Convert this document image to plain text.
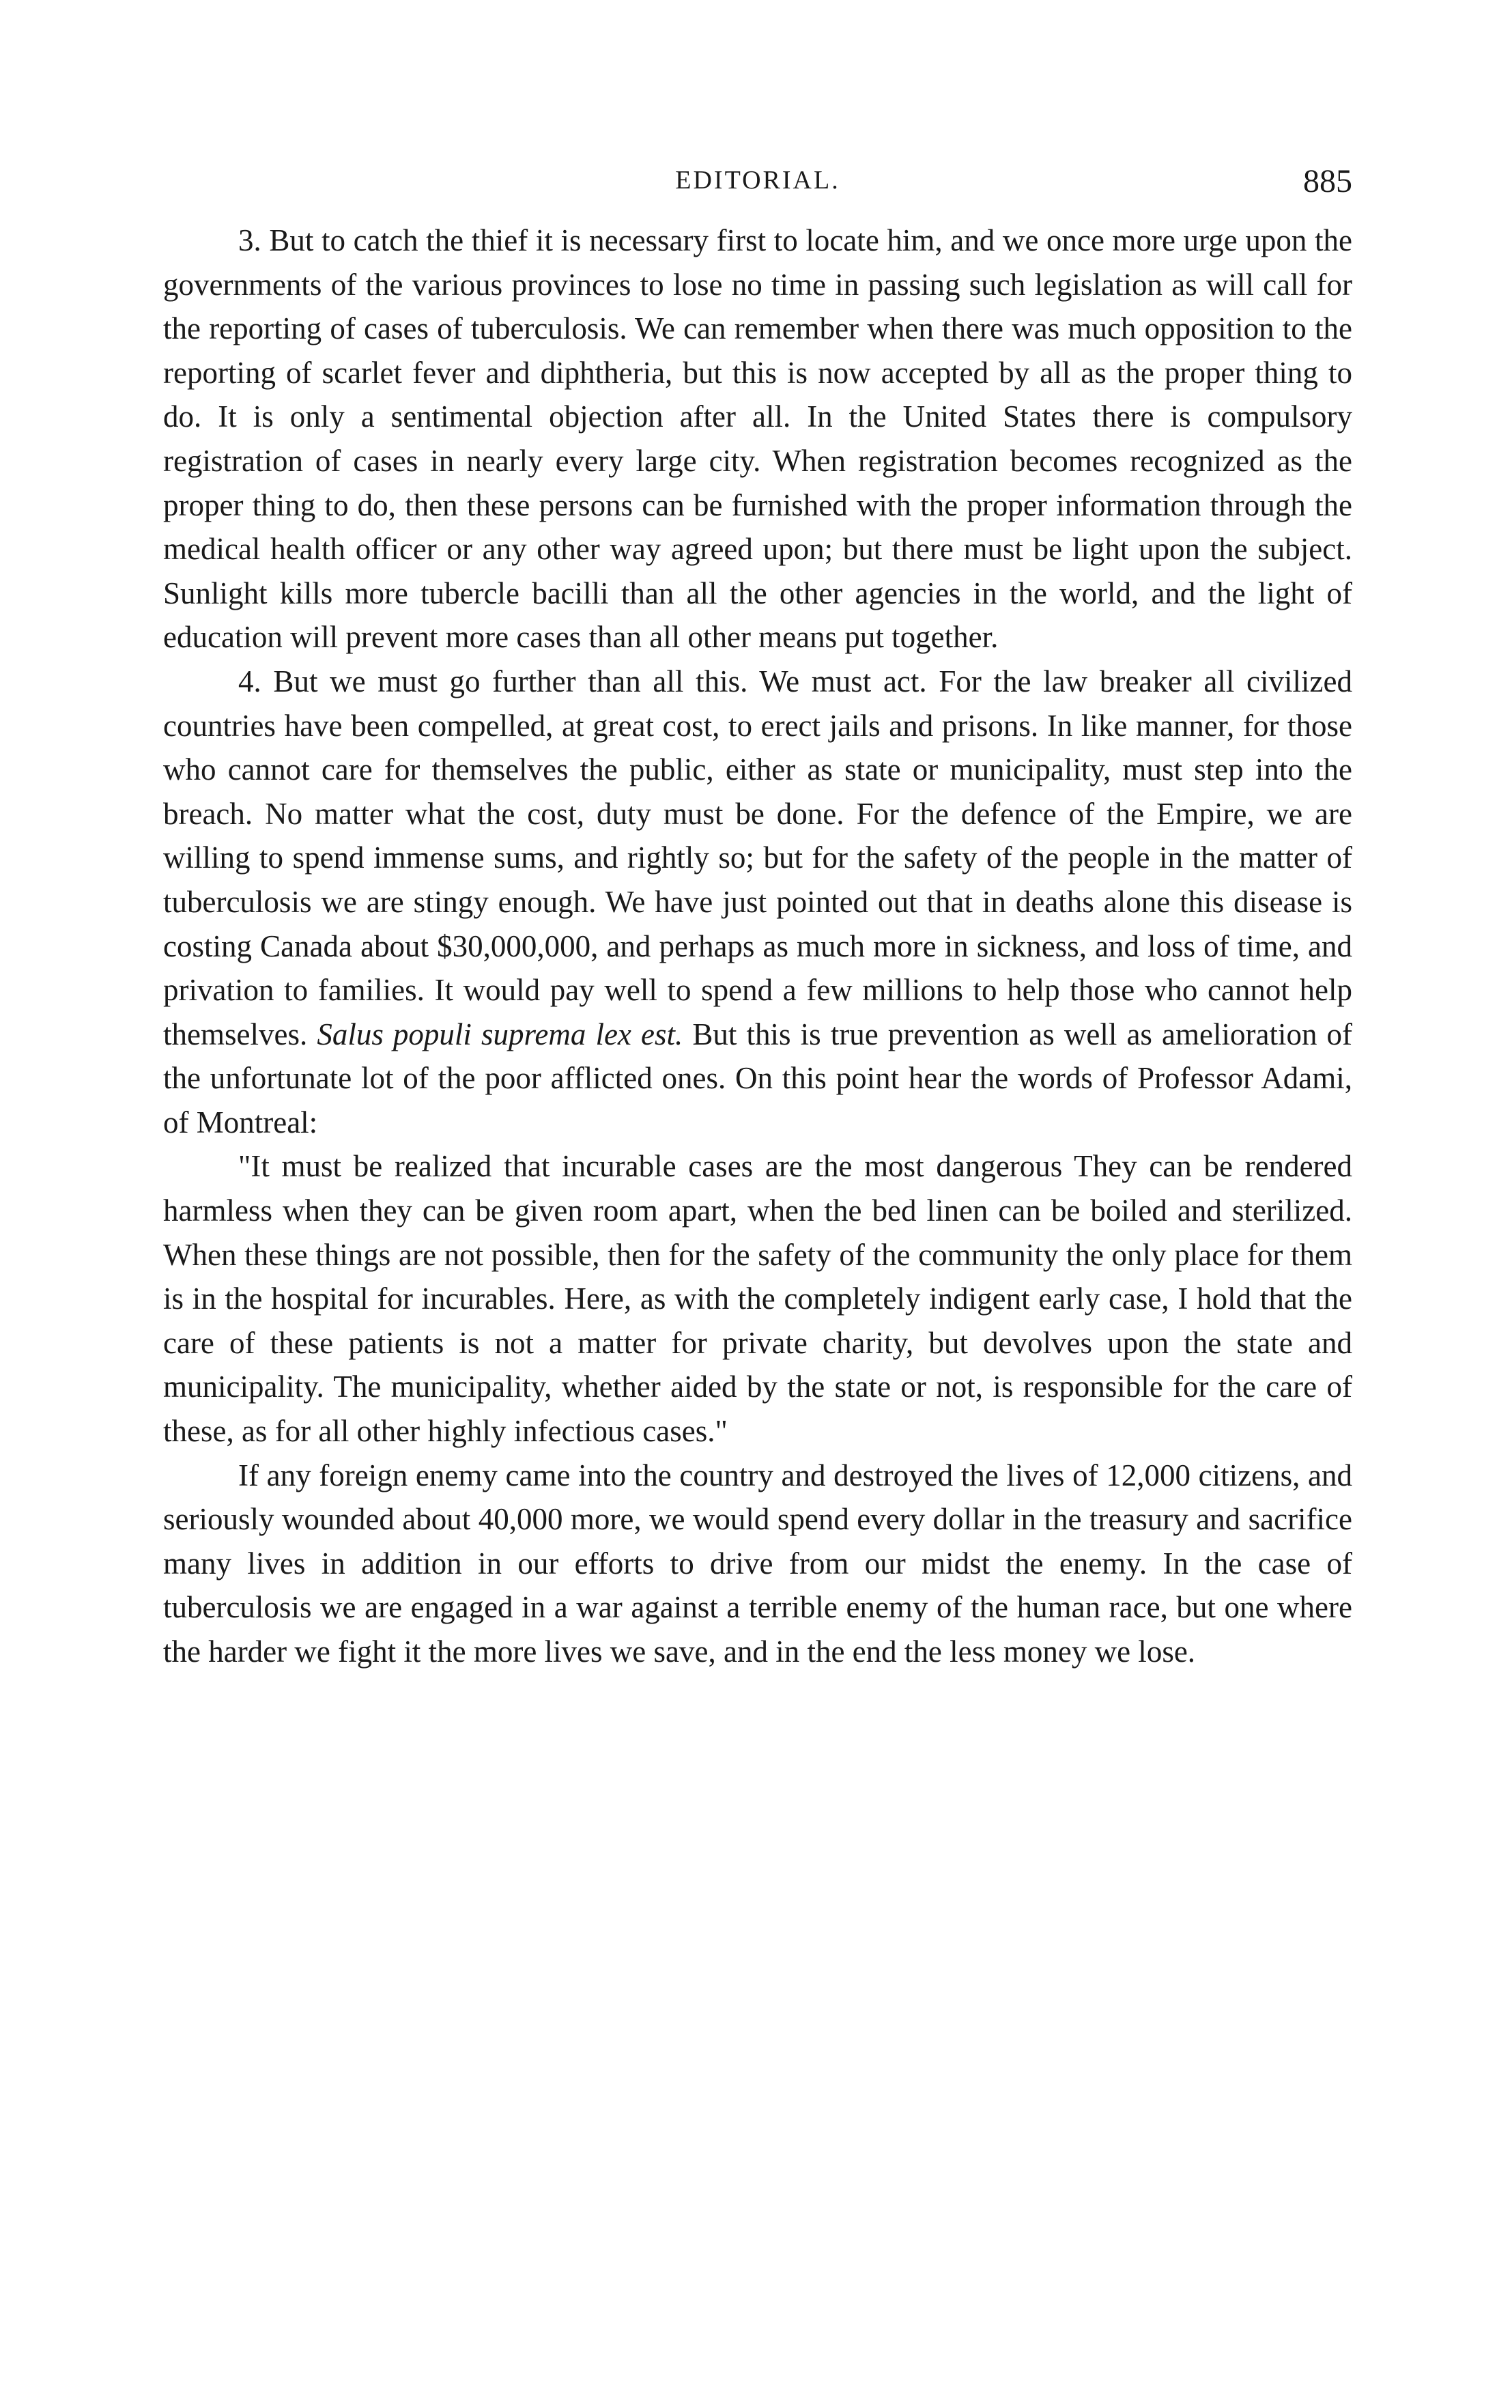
EDITORIAL.	885

3. But to catch the thief it is necessary first to locate him, and we once more urge upon the governments of the various provinces to lose no time in passing such legislation as will call for the reporting of cases of tuberculosis. We can remember when there was much opposition to the reporting of scarlet fever and diphtheria, but this is now accepted by all as the proper thing to do. It is only a sentimental objection after all. In the United States there is compulsory registration of cases in nearly every large city. When registration becomes recognized as the proper thing to do, then these persons can be furnished with the proper information through the medical health officer or any other way agreed upon; but there must be light upon the subject. Sunlight kills more tubercle bacilli than all the other agencies in the world, and the light of education will prevent more cases than all other means put together.

4. But we must go further than all this. We must act. For the law breaker all civilized countries have been compelled, at great cost, to erect jails and prisons. In like manner, for those who cannot care for themselves the public, either as state or municipality, must step into the breach. No matter what the cost, duty must be done. For the defence of the Empire, we are willing to spend immense sums, and rightly so; but for the safety of the people in the matter of tuberculosis we are stingy enough. We have just pointed out that in deaths alone this disease is costing Canada about $30,000,000, and perhaps as much more in sickness, and loss of time, and privation to families. It would pay well to spend a few millions to help those who cannot help themselves. Salus populi suprema lex est. But this is true prevention as well as amelioration of the unfortunate lot of the poor afflicted ones. On this point hear the words of Professor Adami, of Montreal:

"It must be realized that incurable cases are the most dangerous They can be rendered harmless when they can be given room apart, when the bed linen can be boiled and sterilized. When these things are not possible, then for the safety of the community the only place for them is in the hospital for incurables. Here, as with the completely indigent early case, I hold that the care of these patients is not a matter for private charity, but devolves upon the state and municipality. The municipality, whether aided by the state or not, is responsible for the care of these, as for all other highly infectious cases."

If any foreign enemy came into the country and destroyed the lives of 12,000 citizens, and seriously wounded about 40,000 more, we would spend every dollar in the treasury and sacrifice many lives in addition in our efforts to drive from our midst the enemy. In the case of tuberculosis we are engaged in a war against a terrible enemy of the human race, but one where the harder we fight it the more lives we save, and in the end the less money we lose.
